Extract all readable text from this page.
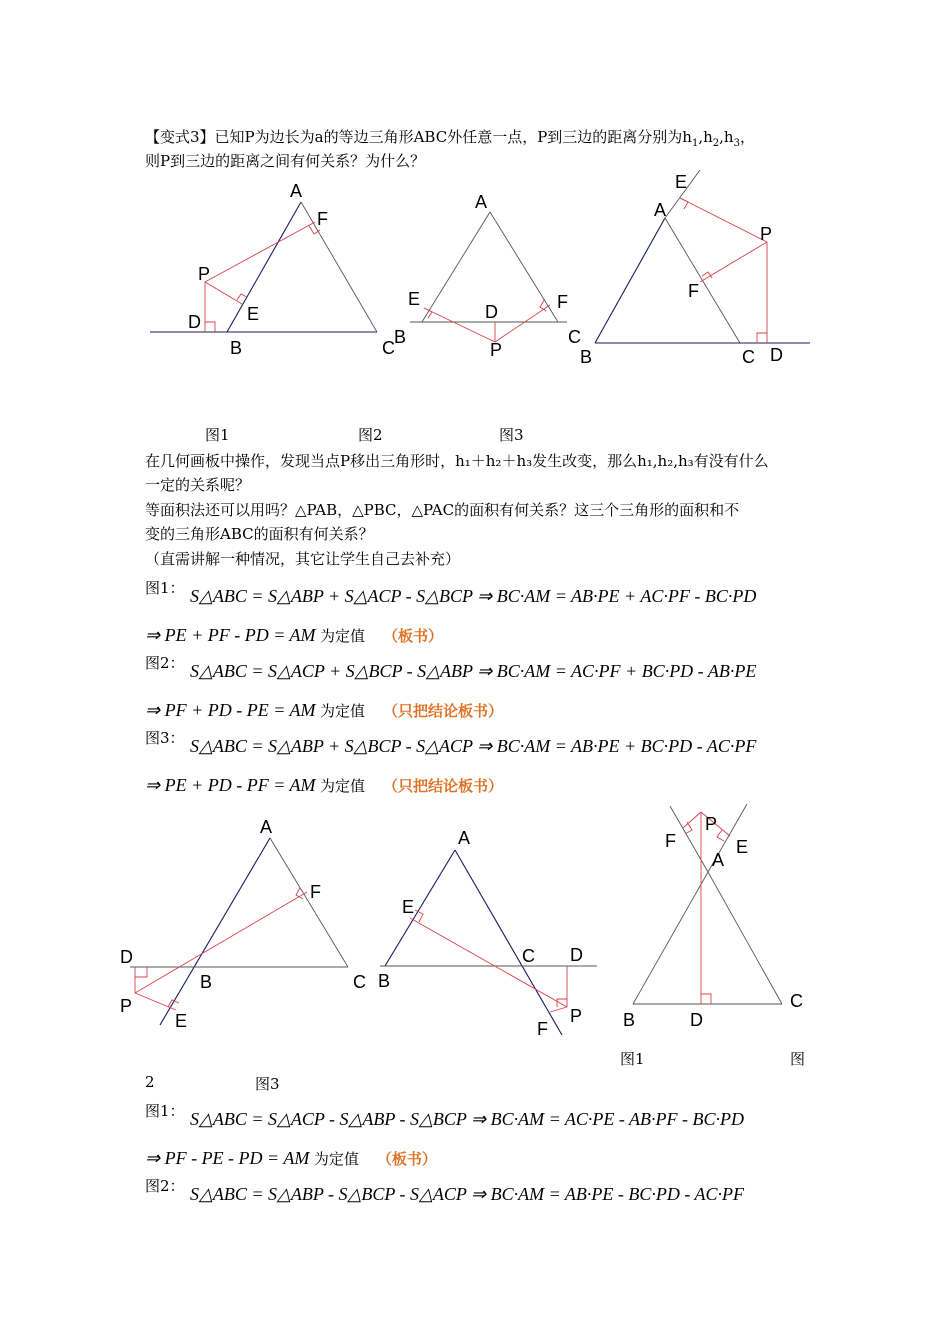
【变式3】已知P为边长为a的等边三角形ABC外任意一点，P到三边的距离分别为$h_1,h_2,h_3$，
则P到三边的距离之间有何关系？为什么？
A
F
P
E
D
B	C
A
E	F
D
B	C
P
E
A
P
F
B	C D
图1	图2	图3
在几何画板中操作，发现当点P移出三角形时，h₁＋h₂＋h₃发生改变，那么h₁,h₂,h₃有没有什么
一定的关系呢？
等面积法还可以用吗？△PAB，△PBC，△PAC的面积有何关系？这三个三角形的面积和不
变的三角形ABC的面积有何关系？
（直需讲解一种情况，其它让学生自己去补充）
图1： S△ABC = S△ABP + S△ACP - S△BCP ⇒ BC·AM = AB·PE + AC·PF - BC·PD
⇒ PE + PF - PD = AM 为定值 （板书）
图2： S△ABC = S△ACP + S△BCP - S△ABP ⇒ BC·AM = AC·PF + BC·PD - AB·PE
⇒ PF + PD - PE = AM 为定值 （只把结论板书）
图3： S△ABC = S△ABP + S△BCP - S△ACP ⇒ BC·AM = AB·PE + BC·PD - AC·PF
⇒ PE + PD - PF = AM 为定值 （只把结论板书）
A
F
D
B	C
P
E
A
E
C D
B
P
F
P
F	E
A
C
B	D
图1	图
2	图3
图1： S△ABC = S△ACP - S△ABP - S△BCP ⇒ BC·AM = AC·PE - AB·PF - BC·PD
⇒ PF - PE - PD = AM 为定值 （板书）
图2： S△ABC = S△ABP - S△BCP - S△ACP ⇒ BC·AM = AB·PE - BC·PD - AC·PF
